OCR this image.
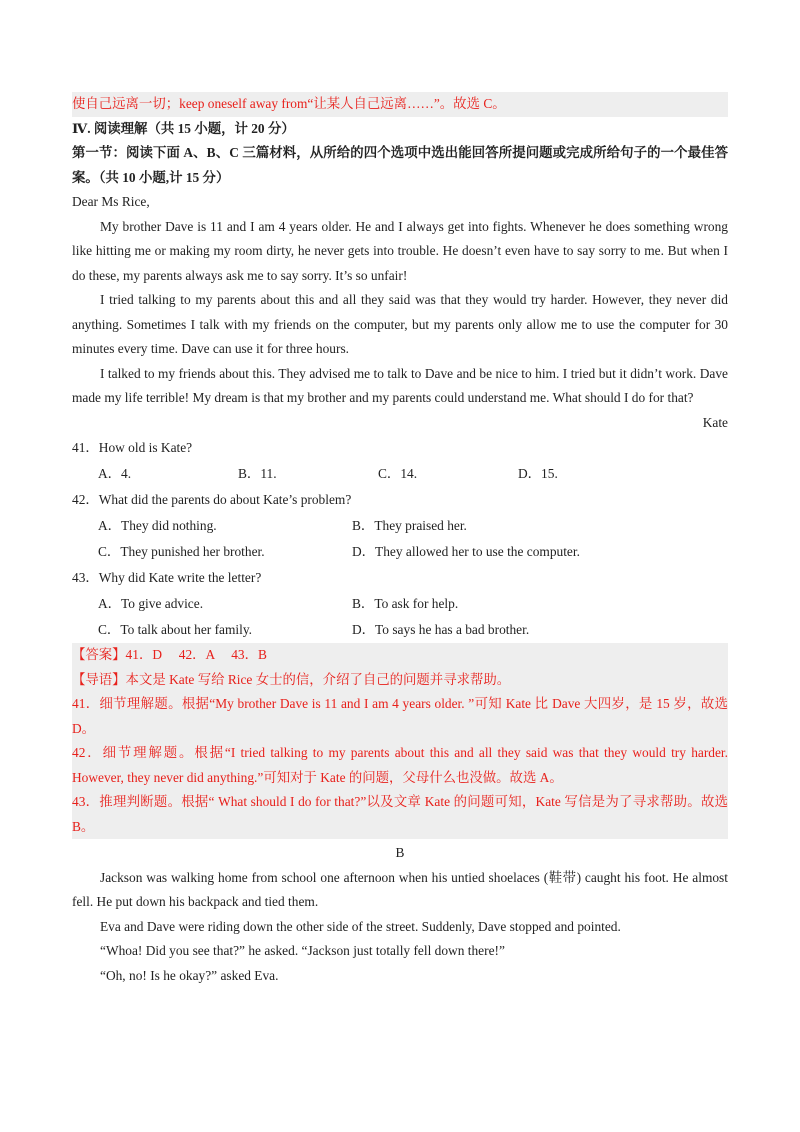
使自己远离一切；keep oneself away from“让某人自己远离……”。故选 C。
Ⅳ. 阅读理解（共 15 小题，计 20 分）

第一节：阅读下面 A、B、C 三篇材料，从所给的四个选项中选出能回答所提问题或完成所给句子的一个最佳答案。（共 10 小题,计 15 分）

Dear Ms Rice,

My brother Dave is 11 and I am 4 years older. He and I always get into fights. Whenever he does something wrong like hitting me or making my room dirty, he never gets into trouble. He doesn’t even have to say sorry to me. But when I do these, my parents always ask me to say sorry. It’s so unfair!

I tried talking to my parents about this and all they said was that they would try harder. However, they never did anything. Sometimes I talk with my friends on the computer, but my parents only allow me to use the computer for 30 minutes every time. Dave can use it for three hours.

I talked to my friends about this. They advised me to talk to Dave and be nice to him. I tried but it didn’t work. Dave made my life terrible! My dream is that my brother and my parents could understand me. What should I do for that?

Kate
41．How old is Kate?
A．4.	B．11.	C．14.	D．15.
42．What did the parents do about Kate’s problem?
A．They did nothing.	B．They praised her.
C．They punished her brother.	D．They allowed her to use the computer.
43．Why did Kate write the letter?
A．To give advice.	B．To ask for help.
C．To talk about her family.	D．To says he has a bad brother.
【答案】41．D　 42．A　 43．B
【导语】本文是 Kate 写给 Rice 女士的信，介绍了自己的问题并寻求帮助。

41．细节理解题。根据“My brother Dave is 11 and I am 4 years older. ”可知 Kate 比 Dave 大四岁，是 15 岁，故选 D。

42．细节理解题。根据“I tried talking to my parents about this and all they said was that they would try harder. However, they never did anything.”可知对于 Kate 的问题，父母什么也没做。故选 A。

43．推理判断题。根据“ What should I do for that?”以及文章 Kate 的问题可知，Kate 写信是为了寻求帮助。故选 B。

B

Jackson was walking home from school one afternoon when his untied shoelaces (鞋带) caught his foot. He almost fell. He put down his backpack and tied them.

Eva and Dave were riding down the other side of the street. Suddenly, Dave stopped and pointed.

“Whoa! Did you see that?” he asked. “Jackson just totally fell down there!”

“Oh, no! Is he okay?” asked Eva.
